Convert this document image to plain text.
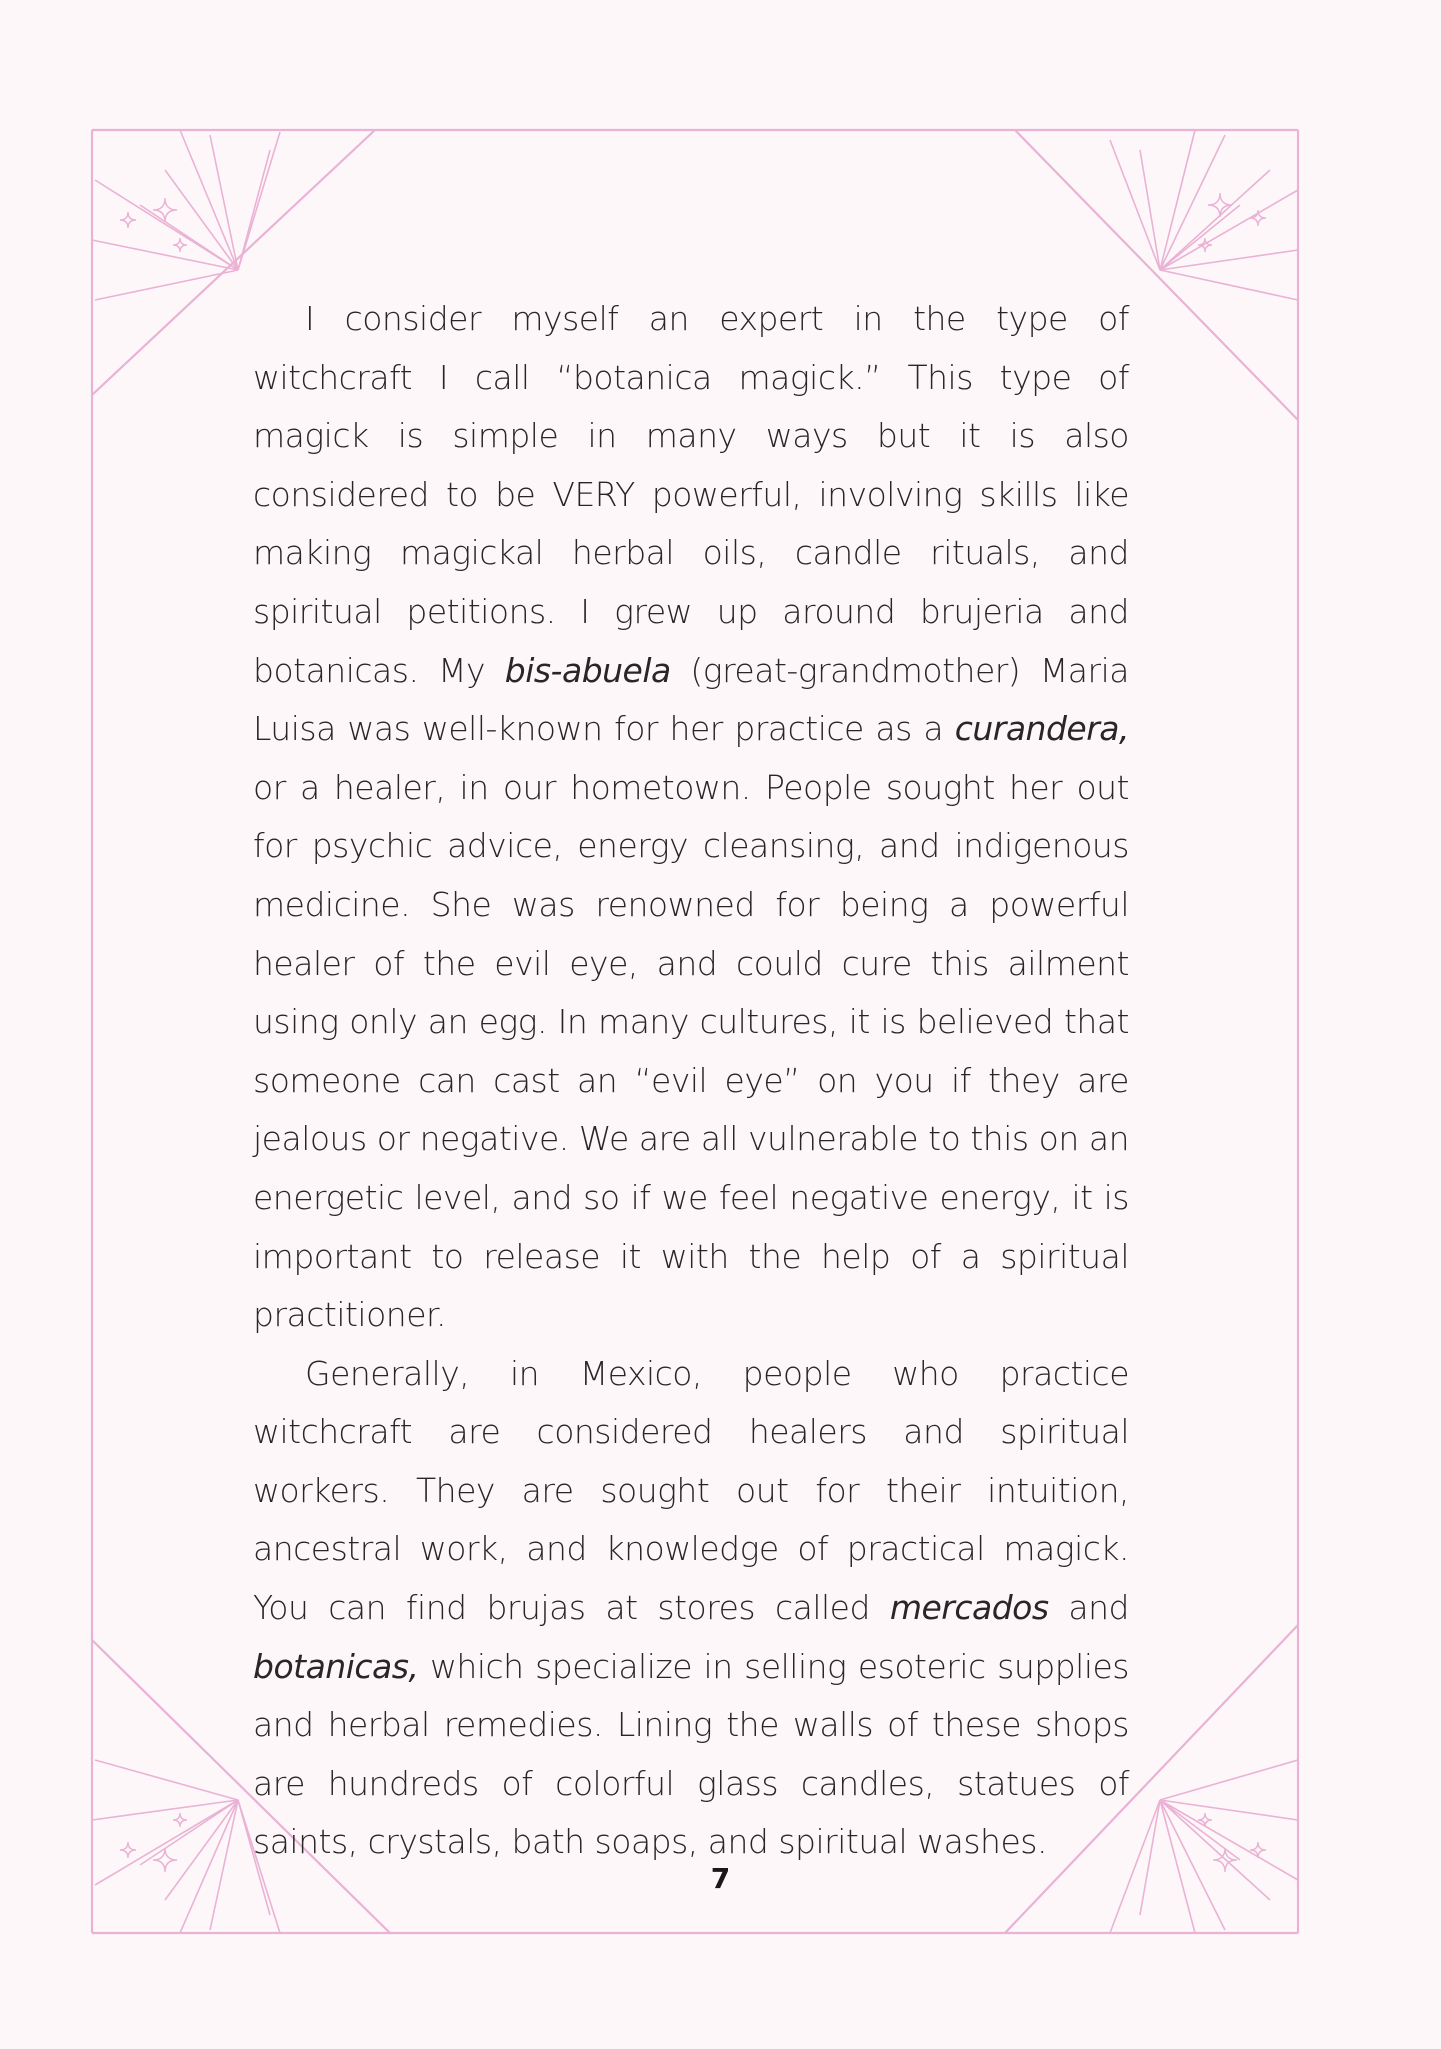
I consider myself an expert in the type of witchcraft I call “botanica magick.” This type of magick is simple in many ways but it is also considered to be VERY powerful, involving skills like making magickal herbal oils, candle rituals, and spiritual petitions. I grew up around brujeria and botanicas. My bis-abuela (great-grandmother) Maria Luisa was well-known for her practice as a curandera, or a healer, in our hometown. People sought her out for psychic advice, energy cleansing, and indigenous medicine. She was renowned for being a powerful healer of the evil eye, and could cure this ailment using only an egg. In many cultures, it is believed that someone can cast an “evil eye” on you if they are jealous or negative. We are all vulnerable to this on an energetic level, and so if we feel negative energy, it is important to release it with the help of a spiritual practitioner.

Generally, in Mexico, people who practice witchcraft are considered healers and spiritual workers. They are sought out for their intuition, ancestral work, and knowledge of practical magick. You can find brujas at stores called mercados and botanicas, which specialize in selling esoteric supplies and herbal remedies. Lining the walls of these shops are hundreds of colorful glass candles, statues of saints, crystals, bath soaps, and spiritual washes.

7
